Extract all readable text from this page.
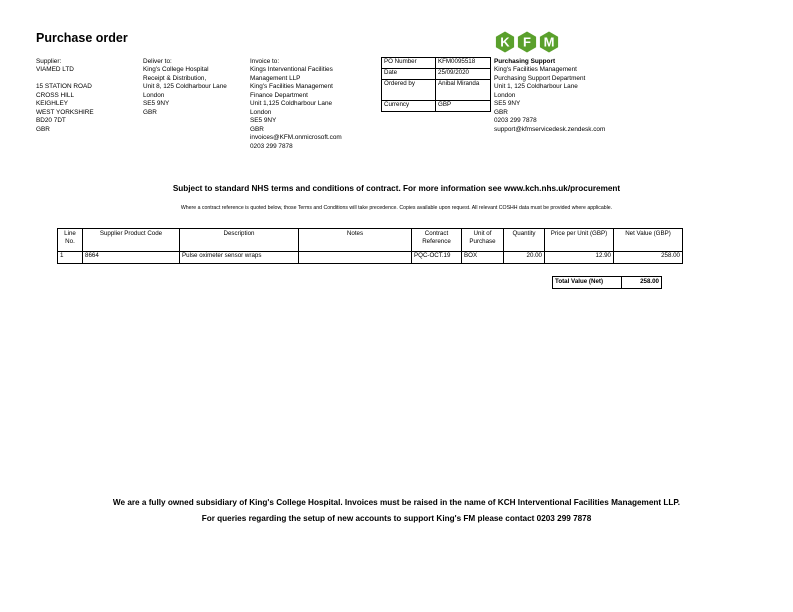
Purchase order
Supplier:
VIAMED LTD
15 STATION ROAD
CROSS HILL
KEIGHLEY
WEST YORKSHIRE
BD20 7DT
GBR
Deliver to:
King's College Hospital
Receipt & Distribution,
Unit 8, 125 Coldharbour Lane
London
SE5 9NY
GBR
Invoice to:
Kings Interventional Facilities
Management LLP
King's Facilities Management
Finance Department
Unit 1,125 Coldharbour Lane
London
SE5 9NY
GBR
invoices@KFM.onmicrosoft.com
0203 299 7878
PO Number	KFM0095518
Date	25/09/2020
Ordered by	Anibal Miranda
Currency	GBP
K F M
Purchasing Support
King's Facilities Management
Purchasing Support Department
Unit 1, 125 Coldharbour Lane
London
SE5 9NY
GBR
0203 299 7878
support@kfmservicedesk.zendesk.com
Subject to standard NHS terms and conditions of contract. For more information see www.kch.nhs.uk/procurement
Where a contract reference is quoted below, those Terms and Conditions will take precedence. Copies available upon request. All relevant COSHH data must be provided where applicable.
Line No.	Supplier Product Code	Description	Notes	Contract Reference	Unit of Purchase	Quantity	Price per Unit (GBP)	Net Value (GBP)
1	8664	Pulse oximeter sensor wraps		PQC-OCT.19	BOX	20.00	12.90	258.00
Total Value (Net)	258.00
We are a fully owned subsidiary of King's College Hospital. Invoices must be raised in the name of KCH Interventional Facilities Management LLP.
For queries regarding the setup of new accounts to support King's FM please contact 0203 299 7878
